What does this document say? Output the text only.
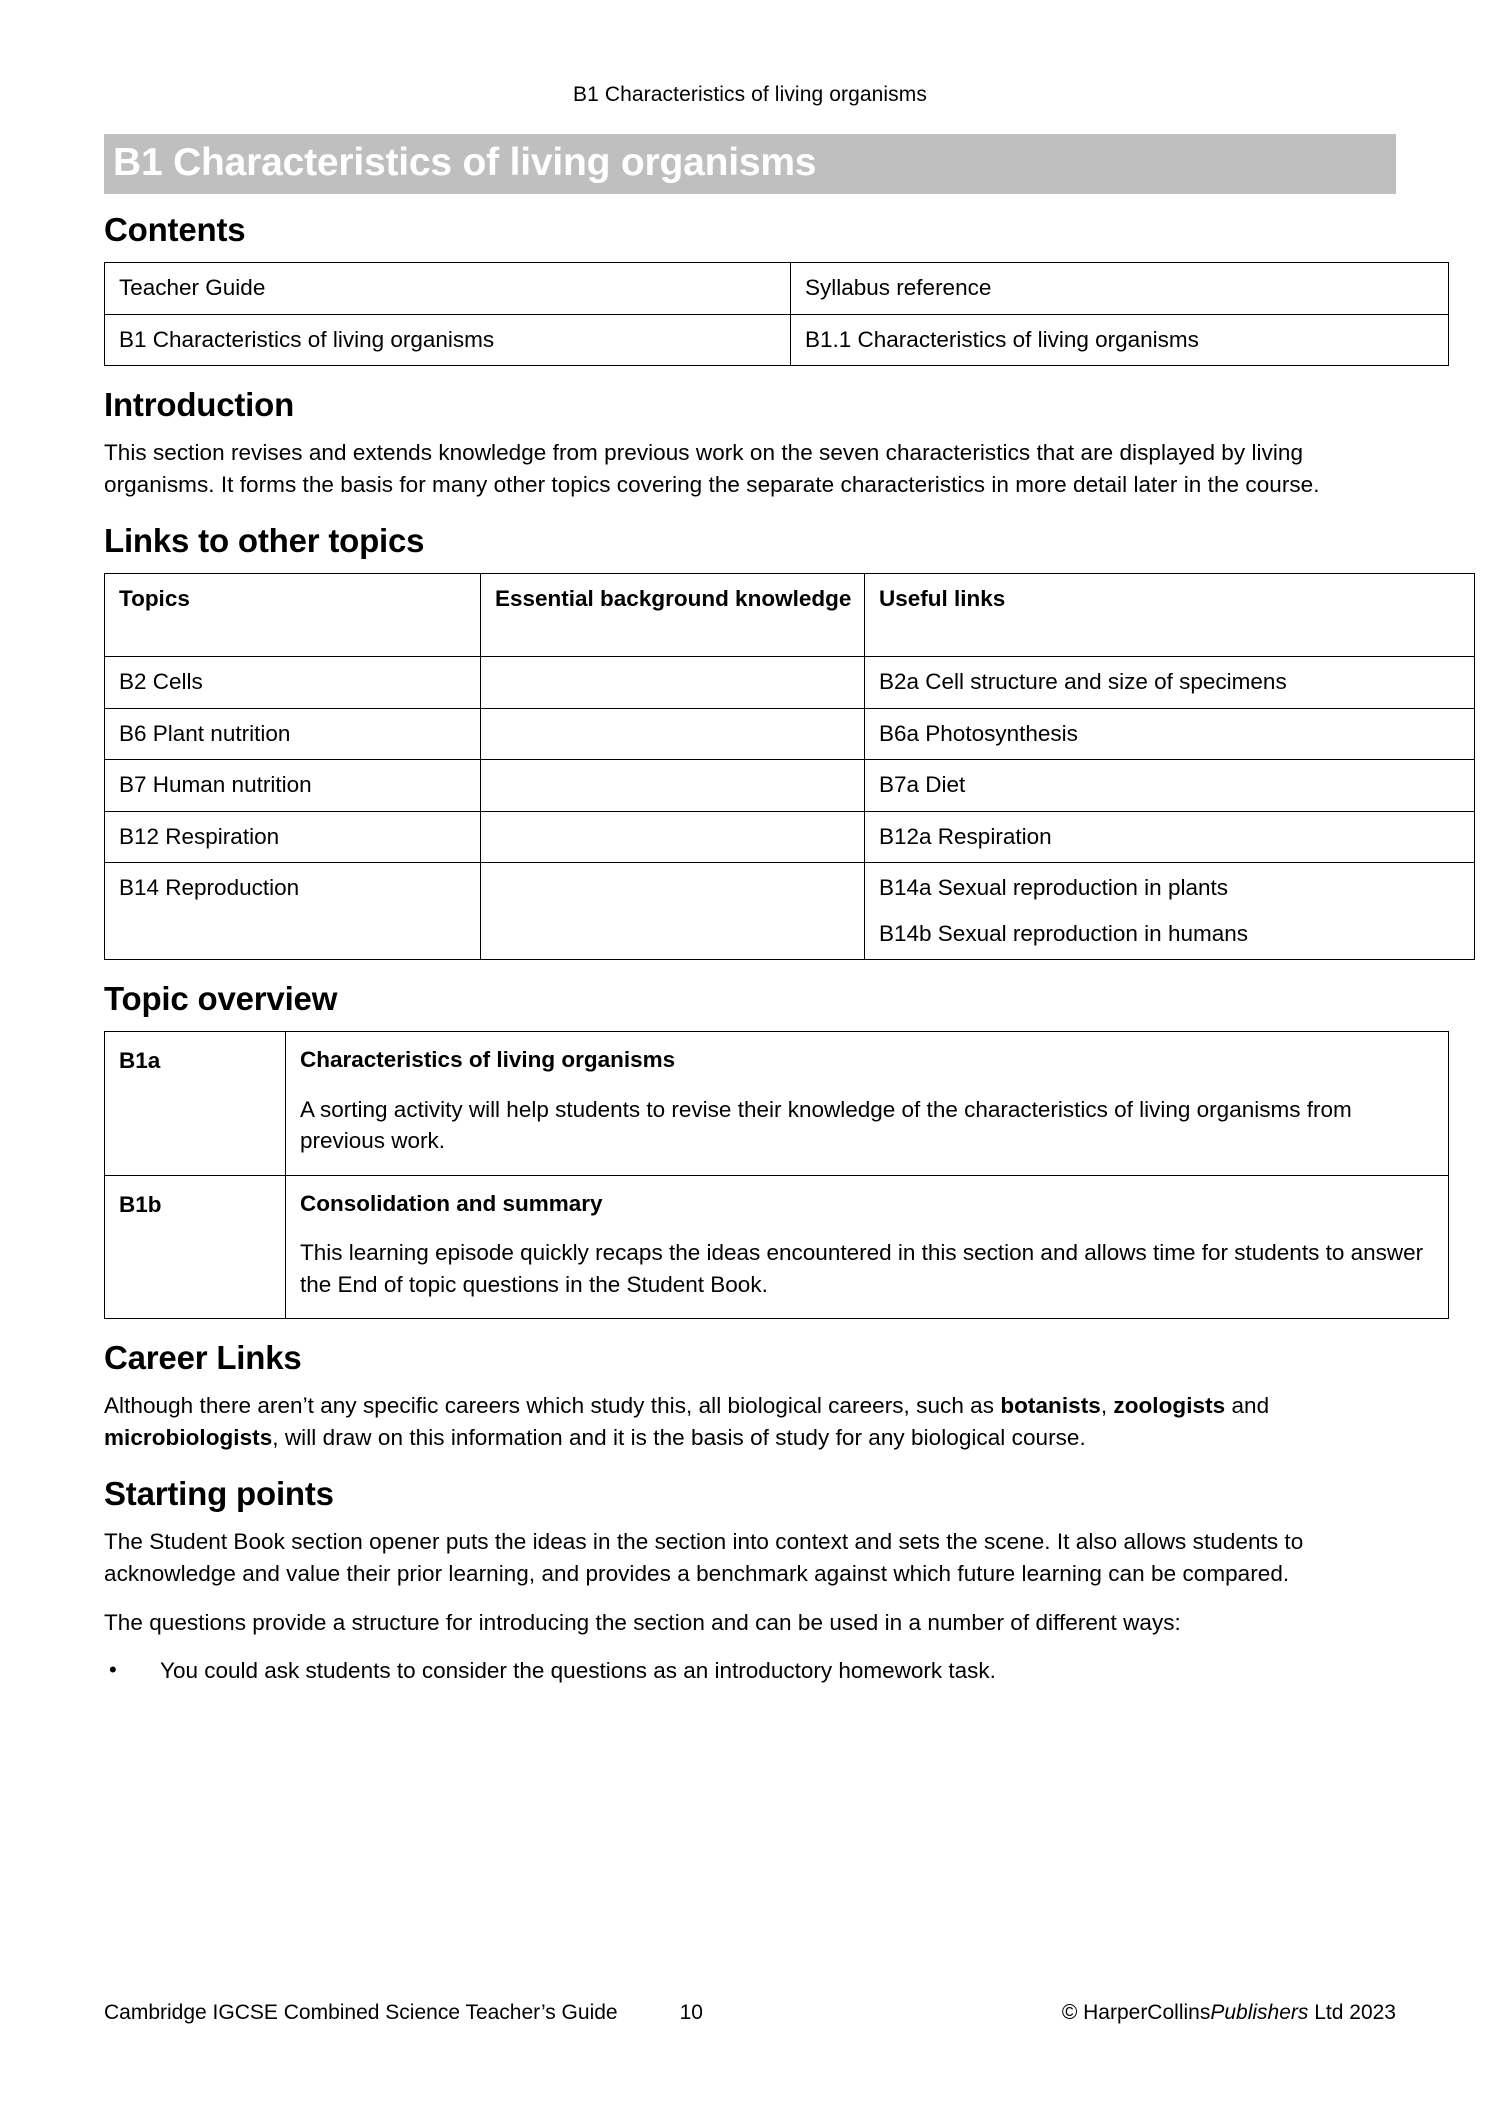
B1 Characteristics of living organisms
B1 Characteristics of living organisms
Contents
Teacher Guide	Syllabus reference
B1 Characteristics of living organisms	B1.1 Characteristics of living organisms
Introduction

This section revises and extends knowledge from previous work on the seven characteristics that are displayed by living organisms. It forms the basis for many other topics covering the separate characteristics in more detail later in the course.

Links to other topics
Topics	Essential background knowledge	Useful links
B2 Cells		B2a Cell structure and size of specimens
B6 Plant nutrition		B6a Photosynthesis
B7 Human nutrition		B7a Diet
B12 Respiration		B12a Respiration
B14 Reproduction		B14a Sexual reproduction in plants
B14b Sexual reproduction in humans
Topic overview
B1a	Characteristics of living organisms

A sorting activity will help students to revise their knowledge of the characteristics of living organisms from previous work.

B1b	Consolidation and summary

This learning episode quickly recaps the ideas encountered in this section and allows time for students to answer the End of topic questions in the Student Book.

Career Links

Although there aren’t any specific careers which study this, all biological careers, such as botanists, zoologists and microbiologists, will draw on this information and it is the basis of study for any biological course.

Starting points

The Student Book section opener puts the ideas in the section into context and sets the scene. It also allows students to acknowledge and value their prior learning, and provides a benchmark against which future learning can be compared.

The questions provide a structure for introducing the section and can be used in a number of different ways:

• You could ask students to consider the questions as an introductory homework task.
Cambridge IGCSE Combined Science Teacher’s Guide	10	© HarperCollinsPublishers Ltd 2023
